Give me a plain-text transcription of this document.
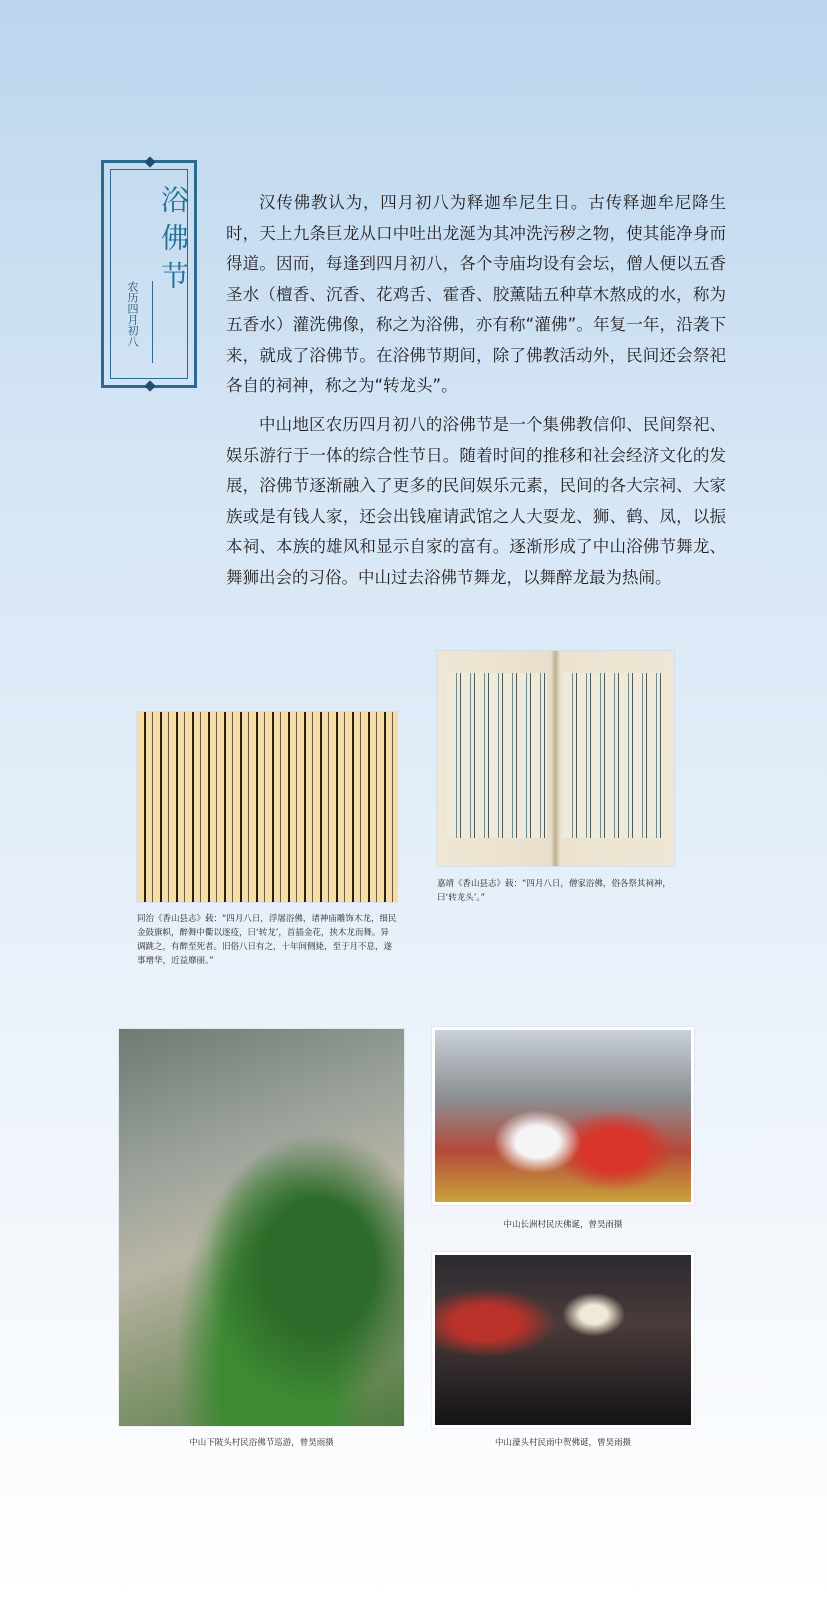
浴佛节
农历四月初八

汉传佛教认为，四月初八为释迦牟尼生日。古传释迦牟尼降生时，天上九条巨龙从口中吐出龙涎为其冲洗污秽之物，使其能净身而得道。因而，每逢到四月初八，各个寺庙均设有会坛，僧人便以五香圣水（檀香、沉香、花鸡舌、霍香、胶薰陆五种草木熬成的水，称为五香水）灌洗佛像，称之为浴佛，亦有称“灌佛”。年复一年，沿袭下来，就成了浴佛节。在浴佛节期间，除了佛教活动外，民间还会祭祀各自的祠神，称之为“转龙头”。

中山地区农历四月初八的浴佛节是一个集佛教信仰、民间祭祀、娱乐游行于一体的综合性节日。随着时间的推移和社会经济文化的发展，浴佛节逐渐融入了更多的民间娱乐元素，民间的各大宗祠、大家族或是有钱人家，还会出钱雇请武馆之人大耍龙、狮、鹤、凤，以振本祠、本族的雄风和显示自家的富有。逐渐形成了中山浴佛节舞龙、舞狮出会的习俗。中山过去浴佛节舞龙，以舞醉龙最为热闹。

同治《香山县志》载：“四月八日，浮屠浴佛，诸神庙雕饰木龙，细民金鼓旗帜，醉舞中衢以逐疫，曰‘转龙’，首插金花，挟木龙而舞。异调跳之，有醉至死者。旧俗八日有之，十年间侧毙，至于月不息，遂事增华，近益靡丽。”
嘉靖《香山县志》载：“四月八日，僧家浴佛，俗各祭其祠神，曰‘转龙头’。”
中山下陂头村民浴佛节巡游，曾昊雨摄
中山长洲村民庆佛诞，曾昊雨摄
中山濠头村民雨中贺佛诞，曾昊雨摄
